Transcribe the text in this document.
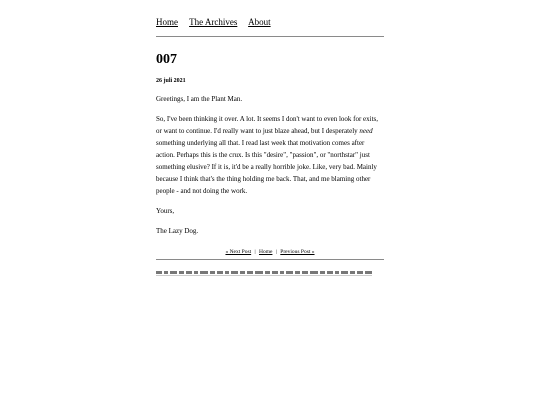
Home The Archives About
007
26 juli 2021

Greetings, I am the Plant Man.

So, I've been thinking it over. A lot. It seems I don't want to even look for exits, or want to continue. I'd really want to just blaze ahead, but I desperately need something underlying all that. I read last week that motivation comes after action. Perhaps this is the crux. Is this "desire", "passion", or "northstar" just something elusive? If it is, it'd be a really horrible joke. Like, very bad. Mainly because I think that's the thing holding me back. That, and me blaming other people - and not doing the work.

Yours,

The Lazy Dog.

« Next Post | Home | Previous Post »
